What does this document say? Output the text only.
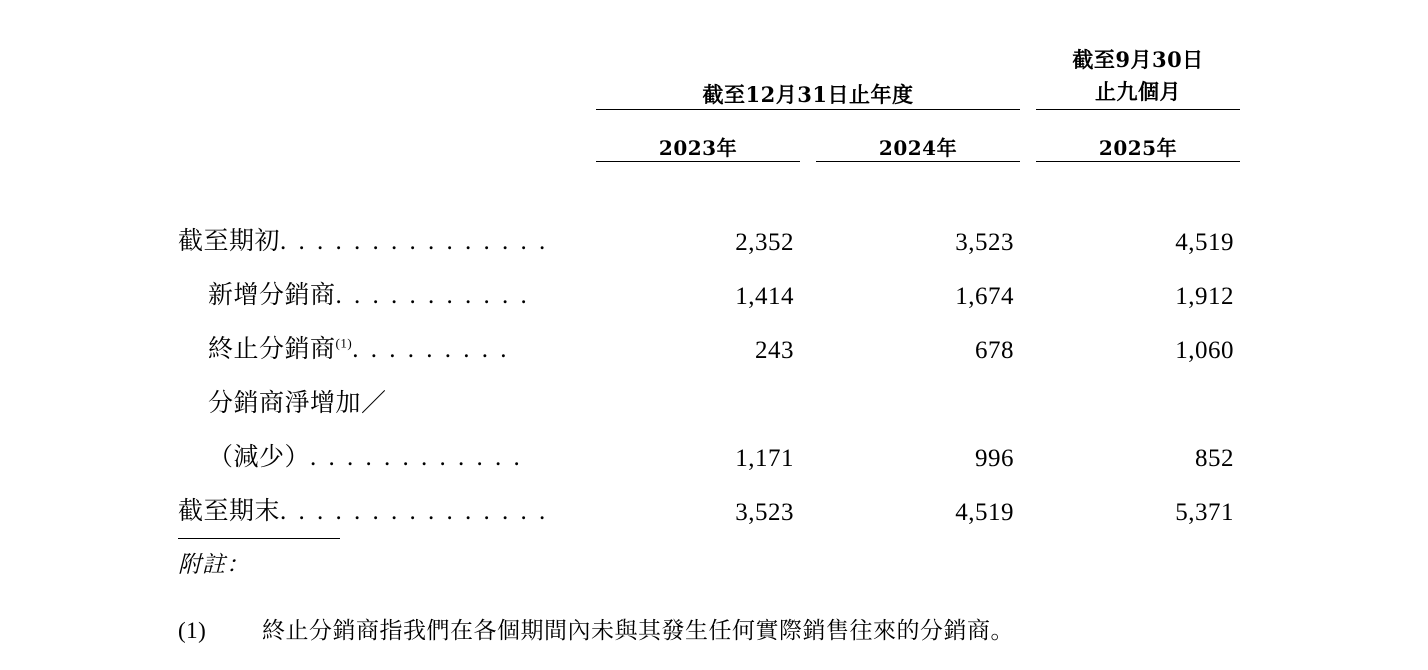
	截至12月31日止年度		截至9月30日
止九個月

	2023年	2024年	2025年

截至期初. . . . . . . . . . . . . . .	2,352	3,523	4,519
新增分銷商. . . . . . . . . . .	1,414	1,674	1,912
終止分銷商$^{(1)}$. . . . . . . . .	243	678	1,060
分銷商淨增加／			
（減少）. . . . . . . . . . . .	1,171	996	852
截至期末. . . . . . . . . . . . . . .	3,523	4,519	5,371
附註：
(1) 終止分銷商指我們在各個期間內未與其發生任何實際銷售往來的分銷商。
